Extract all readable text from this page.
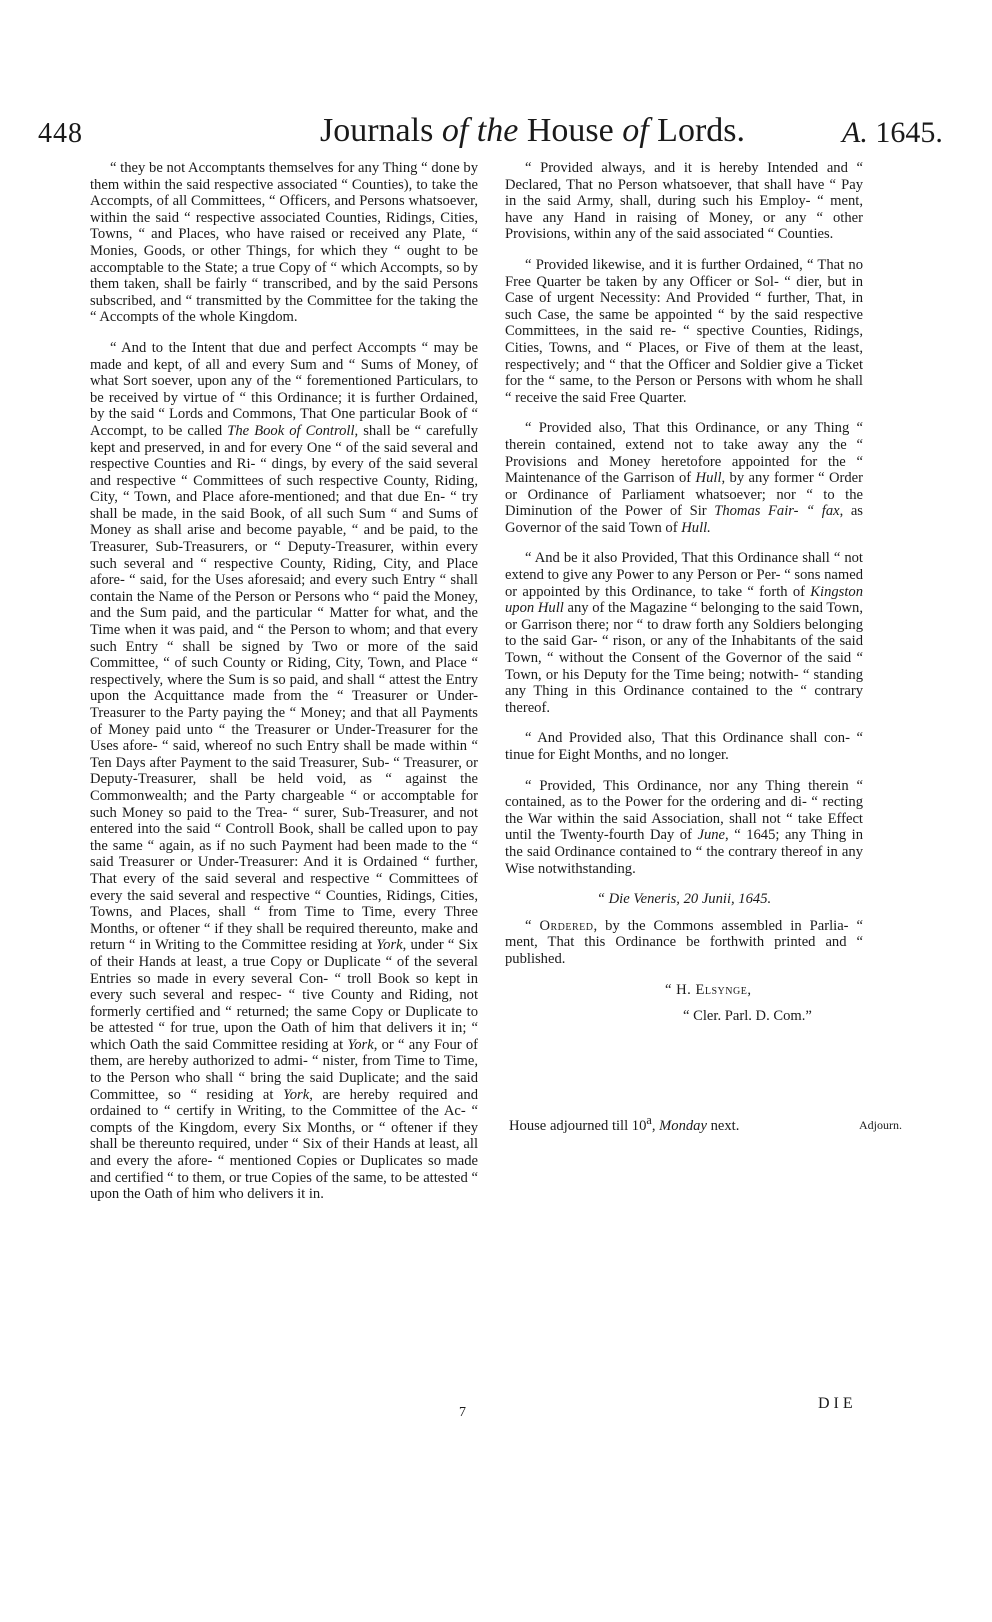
448	Journals of the House of Lords.	A. 1645.

“ they be not Accomptants themselves for any Thing “ done by them within the said respective associated “ Counties), to take the Accompts, of all Committees, “ Officers, and Persons whatsoever, within the said “ respective associated Counties, Ridings, Cities, Towns, “ and Places, who have raised or received any Plate, “ Monies, Goods, or other Things, for which they “ ought to be accomptable to the State; a true Copy of “ which Accompts, so by them taken, shall be fairly “ transcribed, and by the said Persons subscribed, and “ transmitted by the Committee for the taking the “ Accompts of the whole Kingdom.

“ And to the Intent that due and perfect Accompts “ may be made and kept, of all and every Sum and “ Sums of Money, of what Sort soever, upon any of the “ forementioned Particulars, to be received by virtue of “ this Ordinance; it is further Ordained, by the said “ Lords and Commons, That One particular Book of “ Accompt, to be called The Book of Controll, shall be “ carefully kept and preserved, in and for every One “ of the said several and respective Counties and Ri- “ dings, by every of the said several and respective “ Committees of such respective County, Riding, City, “ Town, and Place afore-mentioned; and that due En- “ try shall be made, in the said Book, of all such Sum “ and Sums of Money as shall arise and become payable, “ and be paid, to the Treasurer, Sub-Treasurers, or “ Deputy-Treasurer, within every such several and “ respective County, Riding, City, and Place afore- “ said, for the Uses aforesaid; and every such Entry “ shall contain the Name of the Person or Persons who “ paid the Money, and the Sum paid, and the particular “ Matter for what, and the Time when it was paid, and “ the Person to whom; and that every such Entry “ shall be signed by Two or more of the said Committee, “ of such County or Riding, City, Town, and Place “ respectively, where the Sum is so paid, and shall “ attest the Entry upon the Acquittance made from the “ Treasurer or Under-Treasurer to the Party paying the “ Money; and that all Payments of Money paid unto “ the Treasurer or Under-Treasurer for the Uses afore- “ said, whereof no such Entry shall be made within “ Ten Days after Payment to the said Treasurer, Sub- “ Treasurer, or Deputy-Treasurer, shall be held void, as “ against the Commonwealth; and the Party chargeable “ or accomptable for such Money so paid to the Trea- “ surer, Sub-Treasurer, and not entered into the said “ Controll Book, shall be called upon to pay the same “ again, as if no such Payment had been made to the “ said Treasurer or Under-Treasurer: And it is Ordained “ further, That every of the said several and respective “ Committees of every the said several and respective “ Counties, Ridings, Cities, Towns, and Places, shall “ from Time to Time, every Three Months, or oftener “ if they shall be required thereunto, make and return “ in Writing to the Committee residing at York, under “ Six of their Hands at least, a true Copy or Duplicate “ of the several Entries so made in every several Con- “ troll Book so kept in every such several and respec- “ tive County and Riding, not formerly certified and “ returned; the same Copy or Duplicate to be attested “ for true, upon the Oath of him that delivers it in; “ which Oath the said Committee residing at York, or “ any Four of them, are hereby authorized to admi- “ nister, from Time to Time, to the Person who shall “ bring the said Duplicate; and the said Committee, so “ residing at York, are hereby required and ordained to “ certify in Writing, to the Committee of the Ac- “ compts of the Kingdom, every Six Months, or “ oftener if they shall be thereunto required, under “ Six of their Hands at least, all and every the afore- “ mentioned Copies or Duplicates so made and certified “ to them, or true Copies of the same, to be attested “ upon the Oath of him who delivers it in.

“ Provided always, and it is hereby Intended and “ Declared, That no Person whatsoever, that shall have “ Pay in the said Army, shall, during such his Employ- “ ment, have any Hand in raising of Money, or any “ other Provisions, within any of the said associated “ Counties.

“ Provided likewise, and it is further Ordained, “ That no Free Quarter be taken by any Officer or Sol- “ dier, but in Case of urgent Necessity: And Provided “ further, That, in such Case, the same be appointed “ by the said respective Committees, in the said re- “ spective Counties, Ridings, Cities, Towns, and “ Places, or Five of them at the least, respectively; and “ that the Officer and Soldier give a Ticket for the “ same, to the Person or Persons with whom he shall “ receive the said Free Quarter.

“ Provided also, That this Ordinance, or any Thing “ therein contained, extend not to take away any the “ Provisions and Money heretofore appointed for the “ Maintenance of the Garrison of Hull, by any former “ Order or Ordinance of Parliament whatsoever; nor “ to the Diminution of the Power of Sir Thomas Fair- “ fax, as Governor of the said Town of Hull.

“ And be it also Provided, That this Ordinance shall “ not extend to give any Power to any Person or Per- “ sons named or appointed by this Ordinance, to take “ forth of Kingston upon Hull any of the Magazine “ belonging to the said Town, or Garrison there; nor “ to draw forth any Soldiers belonging to the said Gar- “ rison, or any of the Inhabitants of the said Town, “ without the Consent of the Governor of the said “ Town, or his Deputy for the Time being; notwith- “ standing any Thing in this Ordinance contained to the “ contrary thereof.

“ And Provided also, That this Ordinance shall con- “ tinue for Eight Months, and no longer.

“ Provided, This Ordinance, nor any Thing therein “ contained, as to the Power for the ordering and di- “ recting the War within the said Association, shall not “ take Effect until the Twenty-fourth Day of June, “ 1645; any Thing in the said Ordinance contained to “ the contrary thereof in any Wise notwithstanding.

“ Die Veneris, 20 Junii, 1645.

“ Ordered, by the Commons assembled in Parlia- “ ment, That this Ordinance be forthwith printed and “ published.

“ H. Elsynge,

“ Cler. Parl. D. Com.”

House adjourned till 10$^a$, Monday next.	Adjourn.
7
DIE
